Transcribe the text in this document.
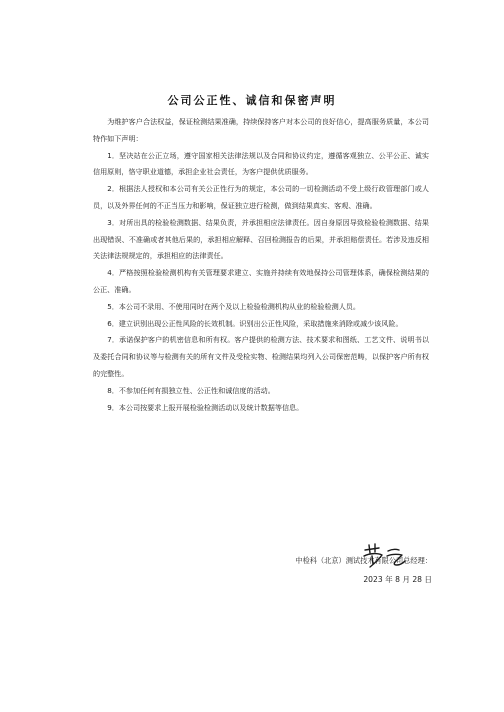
公司公正性、诚信和保密声明

为维护客户合法权益，保证检测结果准确，持续保持客户对本公司的良好信心，提高服务质量，本公司特作如下声明：

1．坚决站在公正立场，遵守国家相关法律法规以及合同和协议约定，遵循客观独立、公平公正、诚实信用原则，恪守职业道德，承担企业社会责任，为客户提供优质服务。

2．根据法人授权和本公司有关公正性行为的规定，本公司的一切检测活动不受上级行政管理部门或人员，以及外界任何的不正当压力和影响，保证独立进行检测，做到结果真实、客观、准确。

3．对所出具的检验检测数据、结果负责，并承担相应法律责任。因自身原因导致检验检测数据、结果出现错误、不准确或者其他后果的，承担相应解释、召回检测报告的后果，并承担赔偿责任。若涉及违反相关法律法规规定的，承担相应的法律责任。

4．严格按照检验检测机构有关管理要求建立、实施并持续有效地保持公司管理体系，确保检测结果的公正、准确。

5．本公司不录用、不使用同时在两个及以上检验检测机构从业的检验检测人员。

6．建立识别出现公正性风险的长效机制。识别出公正性风险，采取措施来消除或减少该风险。

7．承诺保护客户的机密信息和所有权。客户提供的检测方法、技术要求和图纸、工艺文件、说明书以及委托合同和协议等与检测有关的所有文件及受检实物、检测结果均列入公司保密范畴，以保护客户所有权的完整性。

8．不参加任何有损独立性、公正性和诚信度的活动。

9．本公司按要求上报开展检验检测活动以及统计数据等信息。

中检科（北京）测试技术有限公司总经理：
2023 年 8 月 28 日
